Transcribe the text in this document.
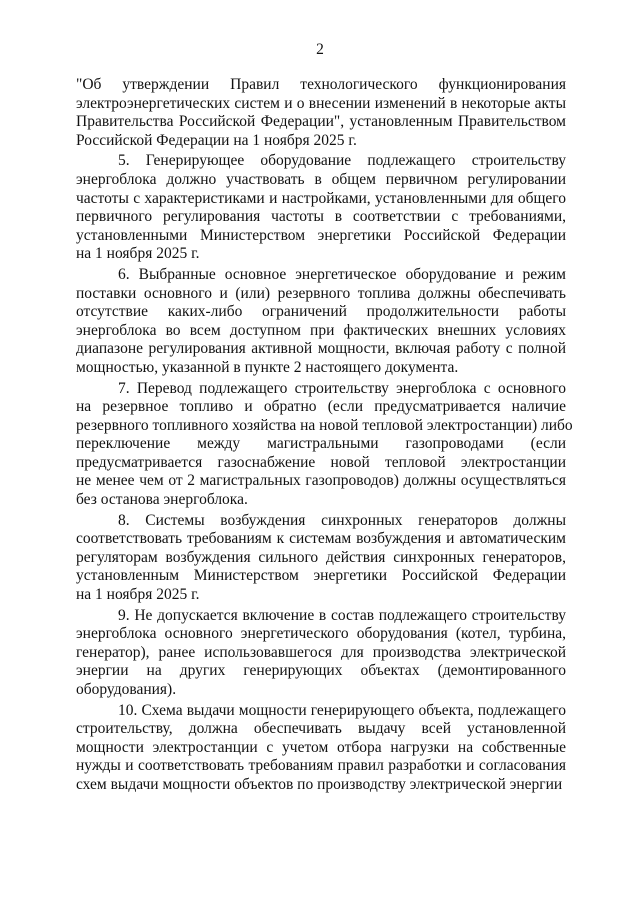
2

"Об утверждении Правил технологического функционирования
электроэнергетических систем и о внесении изменений в некоторые акты
Правительства Российской Федерации", установленным Правительством
Российской Федерации на 1 ноября 2025 г.

5. Генерирующее оборудование подлежащего строительству
энергоблока должно участвовать в общем первичном регулировании
частоты с характеристиками и настройками, установленными для общего
первичного регулирования частоты в соответствии с требованиями,
установленными Министерством энергетики Российской Федерации
на 1 ноября 2025 г.

6. Выбранные основное энергетическое оборудование и режим
поставки основного и (или) резервного топлива должны обеспечивать
отсутствие каких-либо ограничений продолжительности работы
энергоблока во всем доступном при фактических внешних условиях
диапазоне регулирования активной мощности, включая работу с полной
мощностью, указанной в пункте 2 настоящего документа.

7. Перевод подлежащего строительству энергоблока с основного
на резервное топливо и обратно (если предусматривается наличие
резервного топливного хозяйства на новой тепловой электростанции) либо
переключение между магистральными газопроводами (если
предусматривается газоснабжение новой тепловой электростанции
не менее чем от 2 магистральных газопроводов) должны осуществляться
без останова энергоблока.

8. Системы возбуждения синхронных генераторов должны
соответствовать требованиям к системам возбуждения и автоматическим
регуляторам возбуждения сильного действия синхронных генераторов,
установленным Министерством энергетики Российской Федерации
на 1 ноября 2025 г.

9. Не допускается включение в состав подлежащего строительству
энергоблока основного энергетического оборудования (котел, турбина,
генератор), ранее использовавшегося для производства электрической
энергии на других генерирующих объектах (демонтированного
оборудования).

10. Схема выдачи мощности генерирующего объекта, подлежащего
строительству, должна обеспечивать выдачу всей установленной
мощности электростанции с учетом отбора нагрузки на собственные
нужды и соответствовать требованиям правил разработки и согласования
схем выдачи мощности объектов по производству электрической энергии
